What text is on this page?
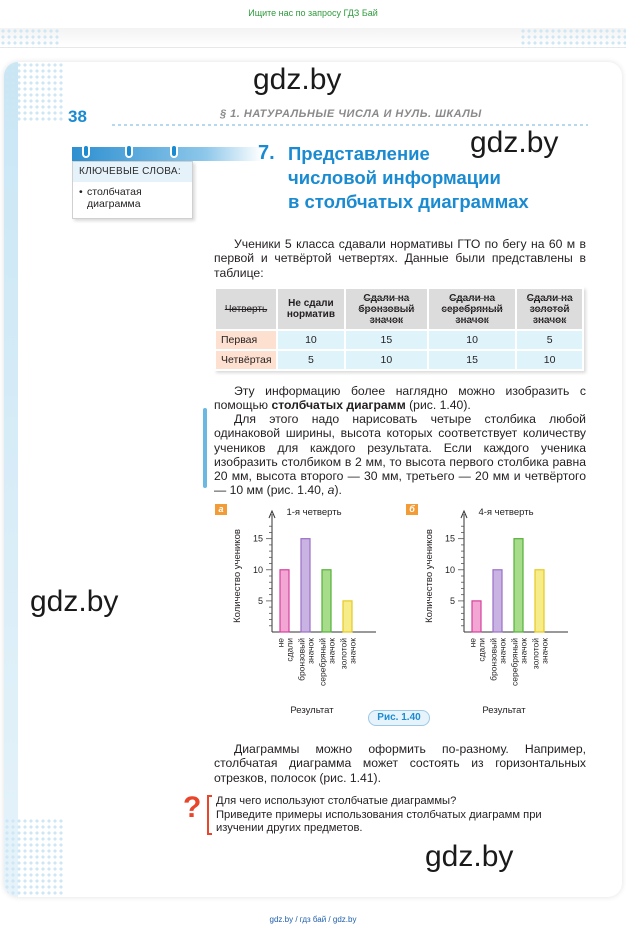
Ищите нас по запросу ГДЗ Бай
gdz.by
gdz.by
gdz.by
gdz.by
38	§ 1. НАТУРАЛЬНЫЕ ЧИСЛА И НУЛЬ. ШКАЛЫ
КЛЮЧЕВЫЕ СЛОВА:
• столбчатая диаграмма
7. Представление
числовой информации
в столбчатых диаграммах
Ученики 5 класса сдавали нормативы ГТО по бегу на 60 м в первой и четвёртой четвертях. Данные были представлены в таблице:
Четверть	Не сдали норматив	Сдали на бронзовый значок	Сдали на серебряный значок	Сдали на золотой значок
Первая	10	15	10	5
Четвёртая	5	10	15	10
Эту информацию более наглядно можно изобразить с помощью столбчатых диаграмм (рис. 1.40).
Для этого надо нарисовать четыре столбика любой одинаковой ширины, высота которых соответствует количеству учеников для каждого результата. Если каждого ученика изобразить столбиком в 2 мм, то высота первого столбика равна 20 мм, высота второго — 30 мм, третьего — 20 мм и четвёртого — 10 мм (рис. 1.40, а).
а	1-я четверть
5
10
15
Количество учеников
несдали бронзовыйзначок серебряныйзначок золотойзначок
Результат
б	4-я четверть
5
10
15
Количество учеников
несдали бронзовыйзначок серебряныйзначок золотойзначок
Результат
Рис. 1.40
Диаграммы можно оформить по-разному. Например, столбчатая диаграмма может состоять из горизонтальных отрезков, полосок (рис. 1.41).
? Для чего используют столбчатые диаграммы?
Приведите примеры использования столбчатых диаграмм при изучении других предметов.
gdz.by / гдз бай / gdz.by
